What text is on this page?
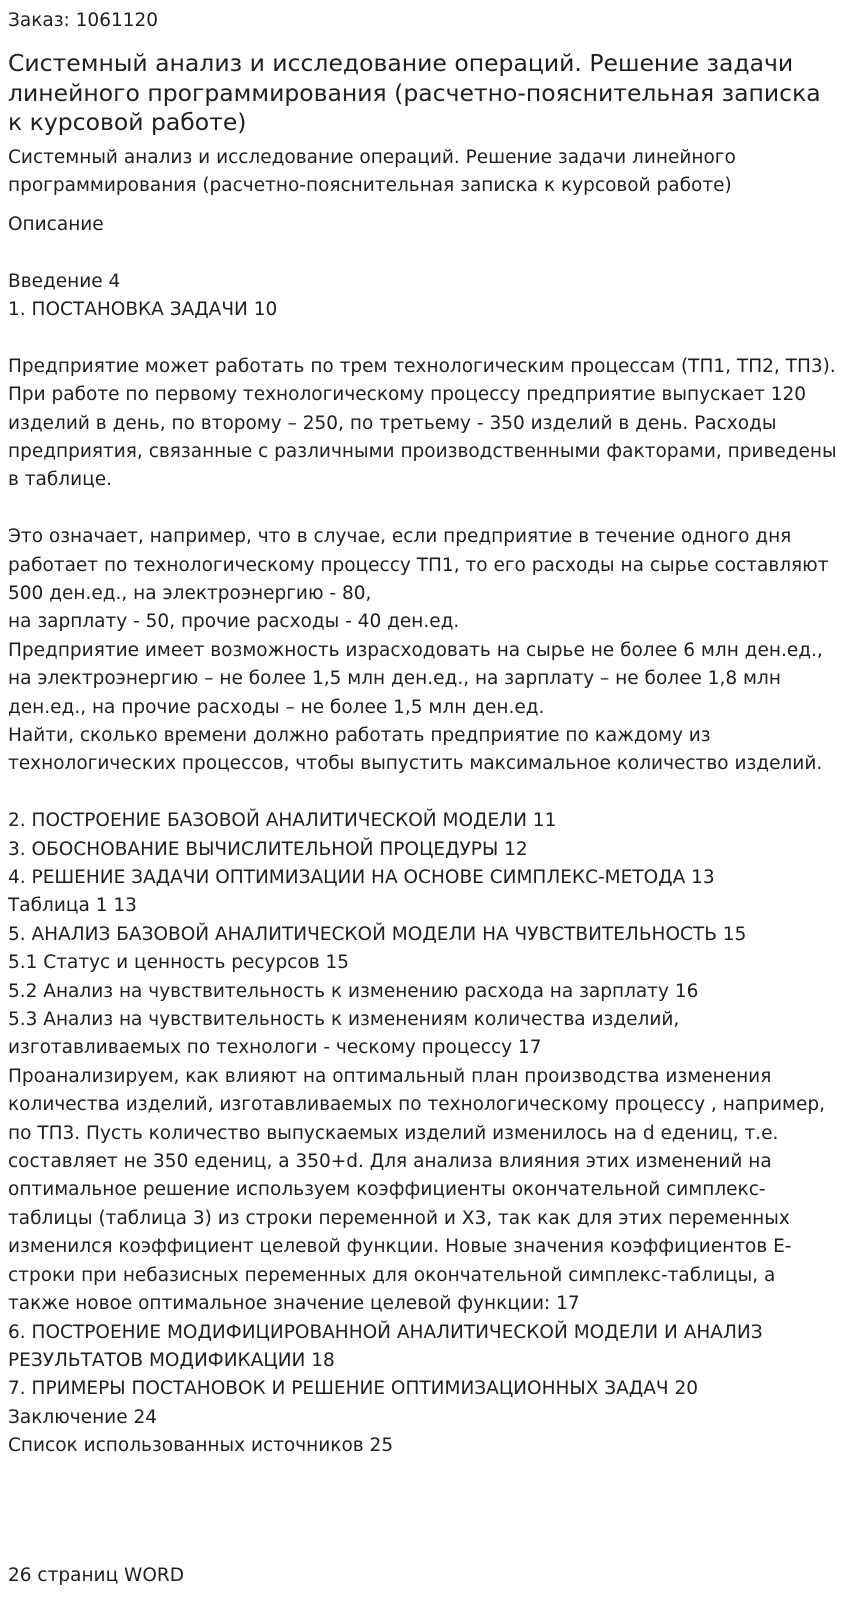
Заказ: 1061120
Системный анализ и исследование операций. Решение задачи линейного программирования (расчетно-пояснительная записка к курсовой работе)

Системный анализ и исследование операций. Решение задачи линейного программирования (расчетно-пояснительная записка к курсовой работе)

Описание
Введение 4
1. ПОСТАНОВКА ЗАДАЧИ 10
Предприятие может работать по трем технологическим процессам (ТП1, ТП2, ТП3). При работе по первому технологическому процессу предприятие выпускает 120 изделий в день, по второму – 250, по третьему - 350 изделий в день. Расходы предприятия, связанные с различными производственными факторами, приведены в таблице.
Это означает, например, что в случае, если предприятие в течение одного дня работает по технологическому процессу ТП1, то его расходы на сырье составляют 500 ден.ед., на электроэнергию - 80,
на зарплату - 50, прочие расходы - 40 ден.ед.
Предприятие имеет возможность израсходовать на сырье не более 6 млн ден.ед., на электроэнергию – не более 1,5 млн ден.ед., на зарплату – не более 1,8 млн ден.ед., на прочие расходы – не более 1,5 млн ден.ед.
Найти, сколько времени должно работать предприятие по каждому из технологических процессов, чтобы выпустить максимальное количество изделий.
2. ПОСТРОЕНИЕ БАЗОВОЙ АНАЛИТИЧЕСКОЙ МОДЕЛИ 11
3. ОБОСНОВАНИЕ ВЫЧИСЛИТЕЛЬНОЙ ПРОЦЕДУРЫ 12
4. РЕШЕНИЕ ЗАДАЧИ ОПТИМИЗАЦИИ НА ОСНОВЕ СИМПЛЕКС-МЕТОДА 13
Таблица 1 13
5. АНАЛИЗ БАЗОВОЙ АНАЛИТИЧЕСКОЙ МОДЕЛИ НА ЧУВСТВИТЕЛЬНОСТЬ 15
5.1 Статус и ценность ресурсов 15
5.2 Анализ на чувствительность к изменению расхода на зарплату 16
5.3 Анализ на чувствительность к изменениям количества изделий, изготавливаемых по технологи - ческому процессу 17
Проанализируем, как влияют на оптимальный план производства изменения количества изделий, изготавливаемых по технологическому процессу , например, по ТП3. Пусть количество выпускаемых изделий изменилось на d едениц, т.е. составляет не 350 едениц, а 350+d. Для анализа влияния этих изменений на оптимальное решение используем коэффициенты окончательной симплекс-таблицы (таблица 3) из строки переменной и X3, так как для этих переменных изменился коэффициент целевой функции. Новые значения коэффициентов Е-строки при небазисных переменных для окончательной симплекс-таблицы, а также новое оптимальное значение целевой функции: 17
6. ПОСТРОЕНИЕ МОДИФИЦИРОВАННОЙ АНАЛИТИЧЕСКОЙ МОДЕЛИ И АНАЛИЗ РЕЗУЛЬТАТОВ МОДИФИКАЦИИ 18
7. ПРИМЕРЫ ПОСТАНОВОК И РЕШЕНИЕ ОПТИМИЗАЦИОННЫХ ЗАДАЧ 20
Заключение 24
Список использованных источников 25
26 страниц WORD
